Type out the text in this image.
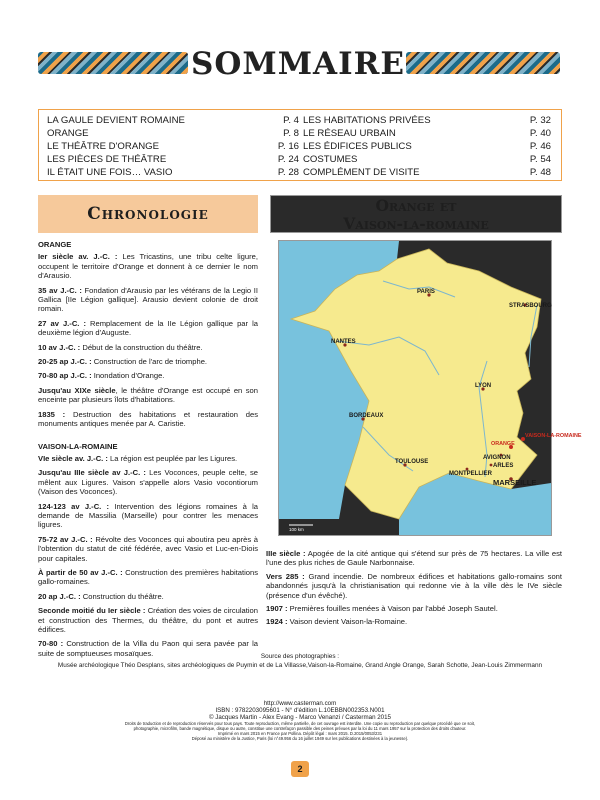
SOMMAIRE
LA GAULE DEVIENT ROMAINE	P. 4
ORANGE	P. 8
LE THÉÂTRE D'ORANGE	P. 16
LES PIÈCES DE THÉÂTRE	P. 24
IL ÉTAIT UNE FOIS… VASIO	P. 28
LES HABITATIONS PRIVÉES	P. 32
LE RÉSEAU URBAIN	P. 40
LES ÉDIFICES PUBLICS	P. 46
COSTUMES	P. 54
COMPLÉMENT DE VISITE	P. 48
Chronologie	Orange et
Vaison-la-romaine
ORANGE

Ier siècle av. J.-C. : Les Tricastins, une tribu celte ligure, occupent le territoire d'Orange et donnent à ce dernier le nom d'Arausio.

35 av J.-C. : Fondation d'Arausio par les vétérans de la Legio II Gallica [IIe Légion gallique]. Arausio devient colonie de droit romain.

27 av J.-C. : Remplacement de la IIe Légion gallique par la deuxième légion d'Auguste.

10 av J.-C. : Début de la construction du théâtre.

20-25 ap J.-C. : Construction de l'arc de triomphe.

70-80 ap J.-C. : Inondation d'Orange.

Jusqu'au XIXe siècle, le théâtre d'Orange est occupé en son enceinte par plusieurs îlots d'habitations.

1835 : Destruction des habitations et restauration des monuments antiques menée par A. Caristie.

VAISON-LA-ROMAINE

VIe siècle av. J.-C. : La région est peuplée par les Ligures.

Jusqu'au IIIe siècle av J.-C. : Les Voconces, peuple celte, se mêlent aux Ligures. Vaison s'appelle alors Vasio vocontiorum (Vaison des Voconces).

124-123 av J.-C. : Intervention des légions romaines à la demande de Massilia (Marseille) pour contrer les menaces ligures.

75-72 av J.-C. : Révolte des Voconces qui aboutira peu après à l'obtention du statut de cité fédérée, avec Vasio et Luc-en-Diois pour capitales.

À partir de 50 av J.-C. : Construction des premières habitations gallo-romaines.

20 ap J.-C. : Construction du théâtre.

Seconde moitié du Ier siècle : Création des voies de circulation et construction des Thermes, du théâtre, du pont et autres édifices.

70-80 : Construction de la Villa du Paon qui sera pavée par la suite de somptueuses mosaïques.

PARIS
STRASBOURG
NANTES
LYON
BORDEAUX
TOULOUSE
ORANGE
VAISON-LA-ROMAINE
AVIGNON
MONTPELLIER
ARLES
MARSEILLE
100 km

IIIe siècle : Apogée de la cité antique qui s'étend sur près de 75 hectares. La ville est l'une des plus riches de Gaule Narbonnaise.

Vers 285 : Grand incendie. De nombreux édifices et habitations gallo-romains sont abandonnés jusqu'à la christianisation qui redonne vie à la ville dès le IVe siècle (présence d'un évêché).

1907 : Premières fouilles menées à Vaison par l'abbé Joseph Sautel.

1924 : Vaison devient Vaison-la-Romaine.

Source des photographies :
Musée archéologique Théo Desplans, sites archéologiques de Puymin et de La Villasse,Vaison-la-Romaine, Grand Angle Orange, Sarah Schotte, Jean-Louis Zimmermann
http://www.casterman.com
ISBN : 9782203095601 - N° d'édition L.10EBBN002353.N001
© Jacques Martin - Alex Evang - Marco Venanzi / Casterman 2015
Droits de traduction et de reproduction réservés pour tous pays. Toute reproduction, même partielle, de cet ouvrage est interdite. Une copie ou reproduction par quelque procédé que ce soit,
photographie, microfilm, bande magnétique, disque ou autre, constitue une contrefaçon passible des peines prévues par la loi du 11 mars 1957 sur la protection des droits d'auteur.
Imprimé en mars 2015 en France par Pollina. Dépôt légal : mars 2015. D.2015/0053/231
Déposé au ministère de la Justice, Paris (loi n°49.956 du 16 juillet 1949 sur les publications destinées à la jeunesse).
2
